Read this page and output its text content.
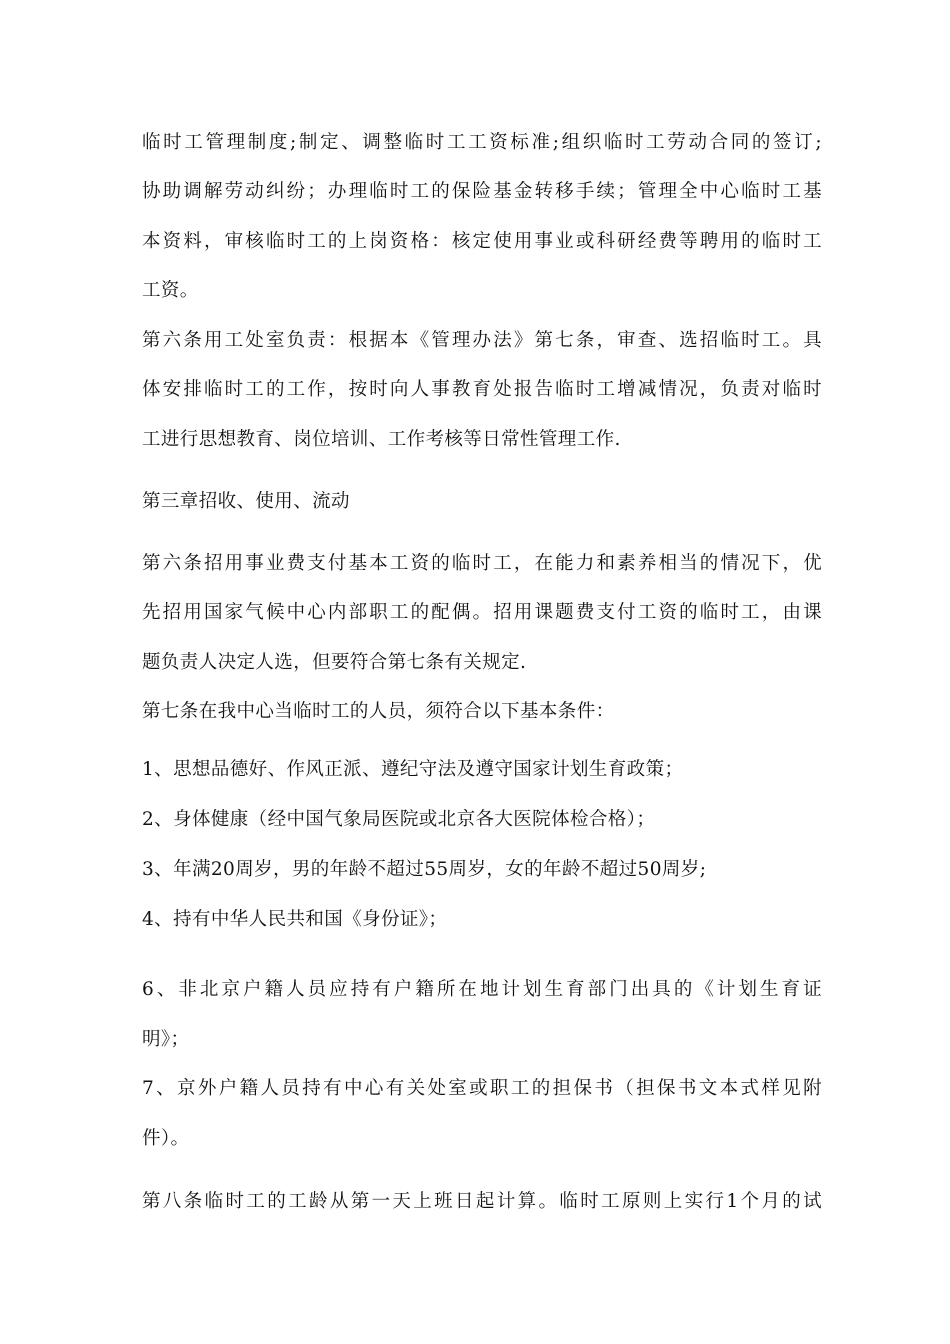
临时工管理制度;制定、调整临时工工资标准;组织临时工劳动合同的签订;

协助调解劳动纠纷；办理临时工的保险基金转移手续；管理全中心临时工基

本资料，审核临时工的上岗资格：核定使用事业或科研经费等聘用的临时工

工资。

第六条用工处室负责：根据本《管理办法》第七条，审查、选招临时工。具

体安排临时工的工作，按时向人事教育处报告临时工增减情况，负责对临时

工进行思想教育、岗位培训、工作考核等日常性管理工作.

第三章招收、使用、流动

第六条招用事业费支付基本工资的临时工，在能力和素养相当的情况下，优

先招用国家气候中心内部职工的配偶。招用课题费支付工资的临时工，由课

题负责人决定人选，但要符合第七条有关规定.

第七条在我中心当临时工的人员，须符合以下基本条件：

1、思想品德好、作风正派、遵纪守法及遵守国家计划生育政策；

2、身体健康（经中国气象局医院或北京各大医院体检合格）；

3、年满20周岁，男的年龄不超过55周岁，女的年龄不超过50周岁;

4、持有中华人民共和国《身份证》；

6、非北京户籍人员应持有户籍所在地计划生育部门出具的《计划生育证

明》；

7、京外户籍人员持有中心有关处室或职工的担保书（担保书文本式样见附

件）。

第八条临时工的工龄从第一天上班日起计算。临时工原则上实行1个月的试
